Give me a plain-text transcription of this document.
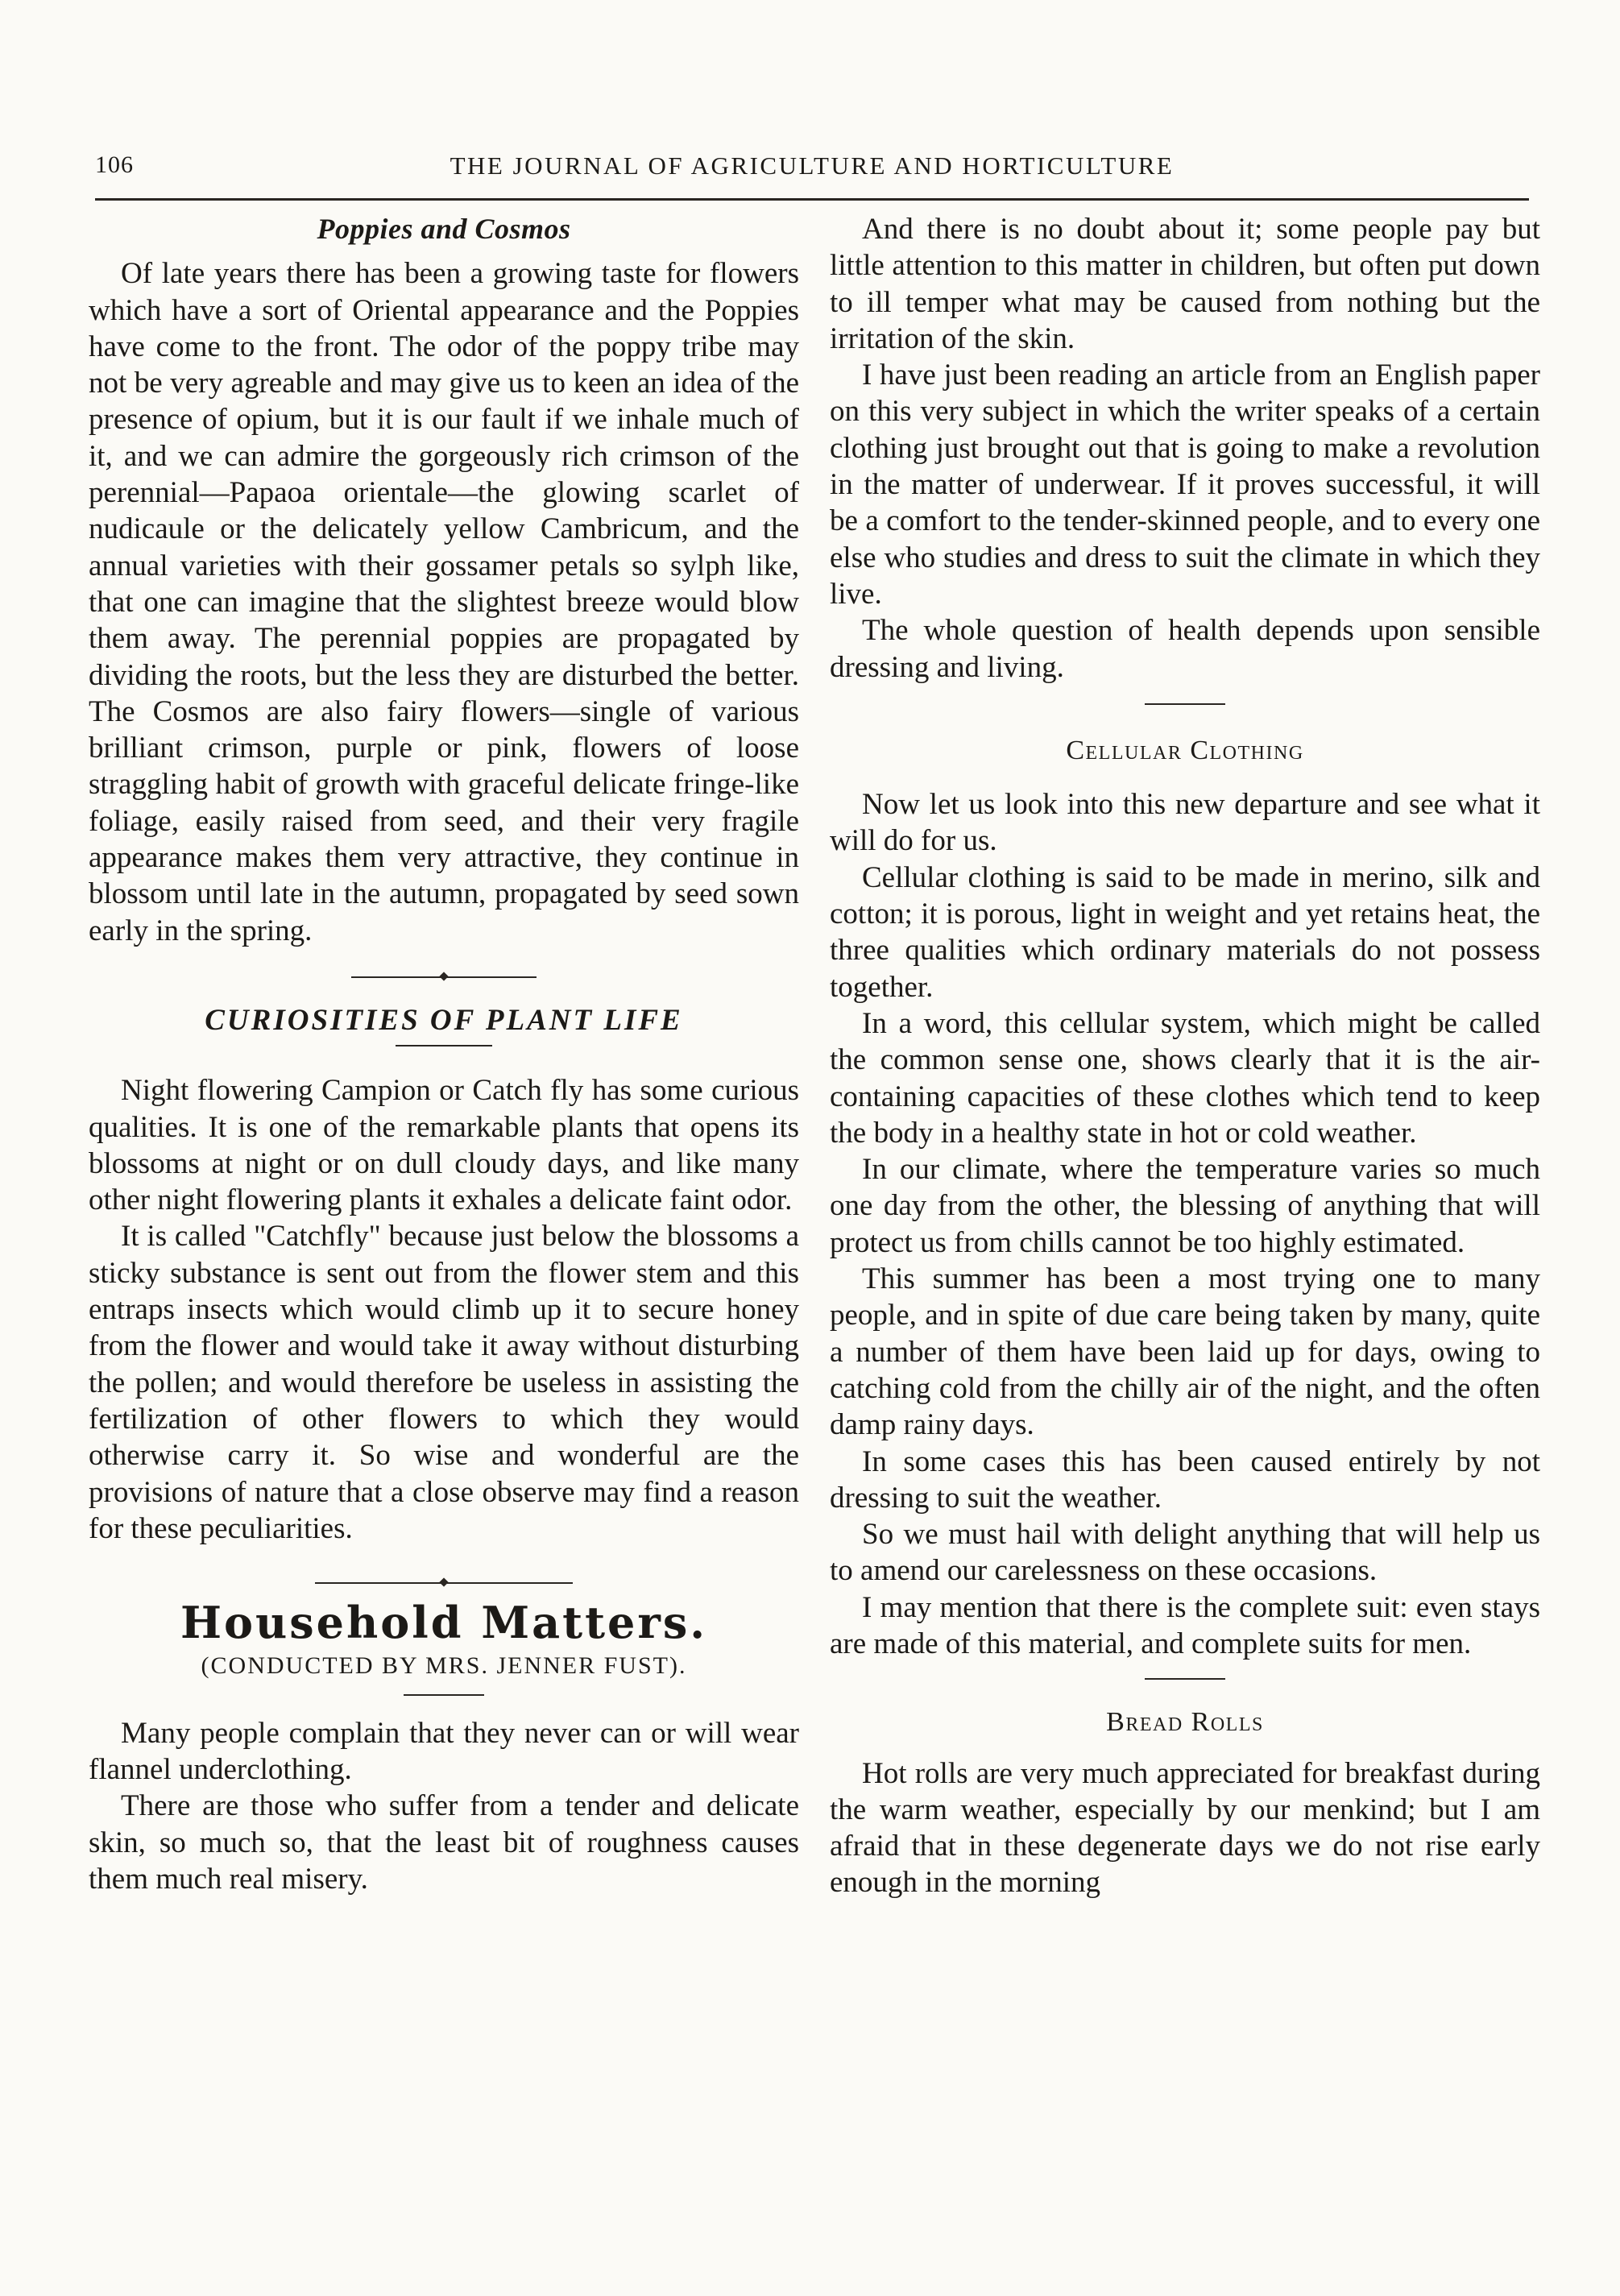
106	THE JOURNAL OF AGRICULTURE AND HORTICULTURE
Poppies and Cosmos

Of late years there has been a growing taste for flowers which have a sort of Oriental appearance and the Poppies have come to the front. The odor of the poppy tribe may not be very agreable and may give us to keen an idea of the presence of opium, but it is our fault if we inhale much of it, and we can admire the gorgeously rich crimson of the perennial—Papaoa orientale—the glowing scarlet of nudicaule or the delicately yellow Cambricum, and the annual varieties with their gossamer petals so sylph like, that one can imagine that the slightest breeze would blow them away. The perennial poppies are propagated by dividing the roots, but the less they are disturbed the better. The Cosmos are also fairy flowers—single of various brilliant crimson, purple or pink, flowers of loose straggling habit of growth with graceful delicate fringe-like foliage, easily raised from seed, and their very fragile appearance makes them very attractive, they continue in blossom until late in the autumn, propagated by seed sown early in the spring.

CURIOSITIES OF PLANT LIFE

Night flowering Campion or Catch fly has some curious qualities. It is one of the remarkable plants that opens its blossoms at night or on dull cloudy days, and like many other night flowering plants it exhales a delicate faint odor.

It is called "Catchfly" because just below the blossoms a sticky substance is sent out from the flower stem and this entraps insects which would climb up it to secure honey from the flower and would take it away without disturbing the pollen; and would therefore be useless in assisting the fertilization of other flowers to which they would otherwise carry it. So wise and wonderful are the provisions of nature that a close observe may find a reason for these peculiarities.

Household Matters.
(CONDUCTED BY MRS. JENNER FUST).

Many people complain that they never can or will wear flannel underclothing.

There are those who suffer from a tender and delicate skin, so much so, that the least bit of roughness causes them much real misery.

And there is no doubt about it; some people pay but little attention to this matter in children, but often put down to ill temper what may be caused from nothing but the irritation of the skin.

I have just been reading an article from an English paper on this very subject in which the writer speaks of a certain clothing just brought out that is going to make a revolution in the matter of underwear. If it proves successful, it will be a comfort to the tender-skinned people, and to every one else who studies and dress to suit the climate in which they live.

The whole question of health depends upon sensible dressing and living.

Cellular Clothing

Now let us look into this new departure and see what it will do for us.

Cellular clothing is said to be made in merino, silk and cotton; it is porous, light in weight and yet retains heat, the three qualities which ordinary materials do not possess together.

In a word, this cellular system, which might be called the common sense one, shows clearly that it is the air-containing capacities of these clothes which tend to keep the body in a healthy state in hot or cold weather.

In our climate, where the temperature varies so much one day from the other, the blessing of anything that will protect us from chills cannot be too highly estimated.

This summer has been a most trying one to many people, and in spite of due care being taken by many, quite a number of them have been laid up for days, owing to catching cold from the chilly air of the night, and the often damp rainy days.

In some cases this has been caused entirely by not dressing to suit the weather.

So we must hail with delight anything that will help us to amend our carelessness on these occasions.

I may mention that there is the complete suit: even stays are made of this material, and complete suits for men.

Bread Rolls

Hot rolls are very much appreciated for breakfast during the warm weather, especially by our menkind; but I am afraid that in these degenerate days we do not rise early enough in the morning
